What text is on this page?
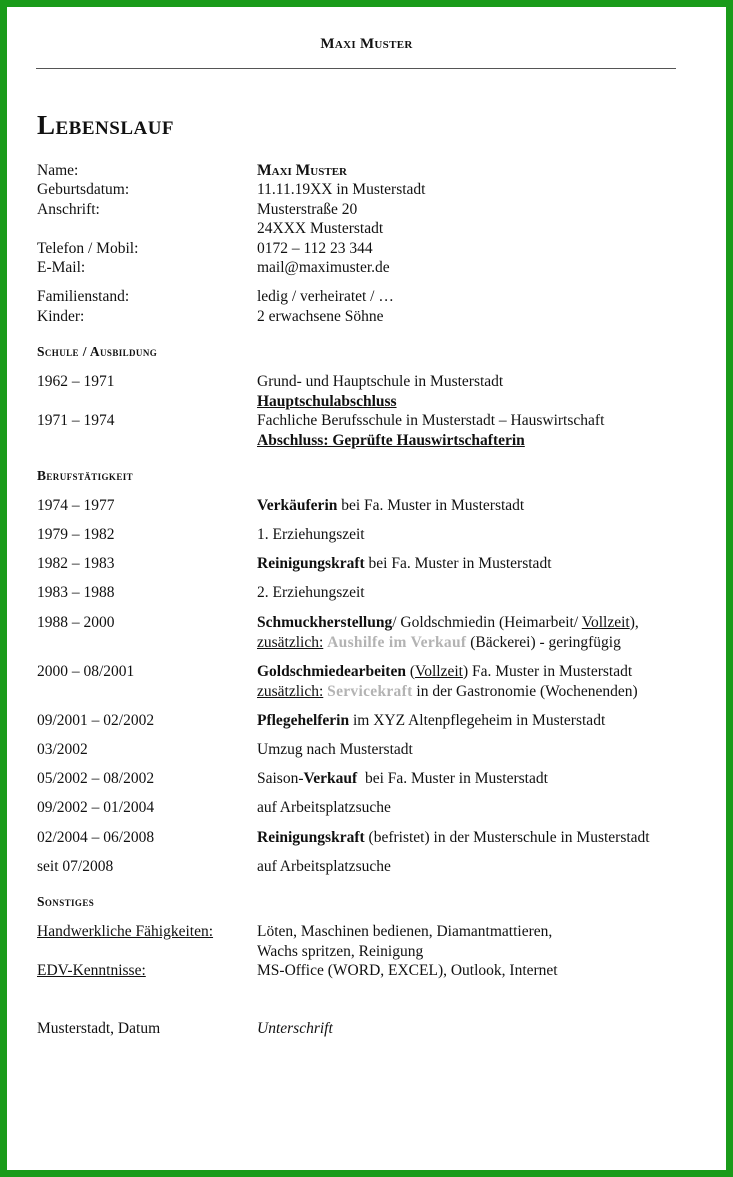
Maxi Muster
Lebenslauf
Name:	Maxi Muster
Geburtsdatum:	11.11.19XX in Musterstadt
Anschrift:	Musterstraße 20
24XXX Musterstadt
Telefon / Mobil:	0172 – 112 23 344
E-Mail:	mail@maximuster.de
Familienstand:	ledig / verheiratet / …
Kinder:	2 erwachsene Söhne
Schule / Ausbildung
1962 – 1971	Grund- und Hauptschule in Musterstadt
Hauptschulabschluss
1971 – 1974	Fachliche Berufsschule in Musterstadt – Hauswirtschaft
Abschluss: Geprüfte Hauswirtschafterin
Berufstätigkeit
1974 – 1977	Verkäuferin bei Fa. Muster in Musterstadt
1979 – 1982	1. Erziehungszeit
1982 – 1983	Reinigungskraft bei Fa. Muster in Musterstadt
1983 – 1988	2. Erziehungszeit
1988 – 2000	Schmuckherstellung/ Goldschmiedin (Heimarbeit/ Vollzeit),
zusätzlich: Aushilfe im Verkauf (Bäckerei) - geringfügig
2000 – 08/2001	Goldschmiedearbeiten (Vollzeit) Fa. Muster in Musterstadt
zusätzlich: Servicekraft in der Gastronomie (Wochenenden)
09/2001 – 02/2002	Pflegehelferin im XYZ Altenpflegeheim in Musterstadt
03/2002	Umzug nach Musterstadt
05/2002 – 08/2002	Saison-Verkauf  bei Fa. Muster in Musterstadt
09/2002 – 01/2004	auf Arbeitsplatzsuche
02/2004 – 06/2008	Reinigungskraft (befristet) in der Musterschule in Musterstadt
seit 07/2008	auf Arbeitsplatzsuche
Sonstiges
Handwerkliche Fähigkeiten:	Löten, Maschinen bedienen, Diamantmattieren,
Wachs spritzen, Reinigung
EDV-Kenntnisse:	MS-Office (WORD, EXCEL), Outlook, Internet
Musterstadt, Datum	Unterschrift
